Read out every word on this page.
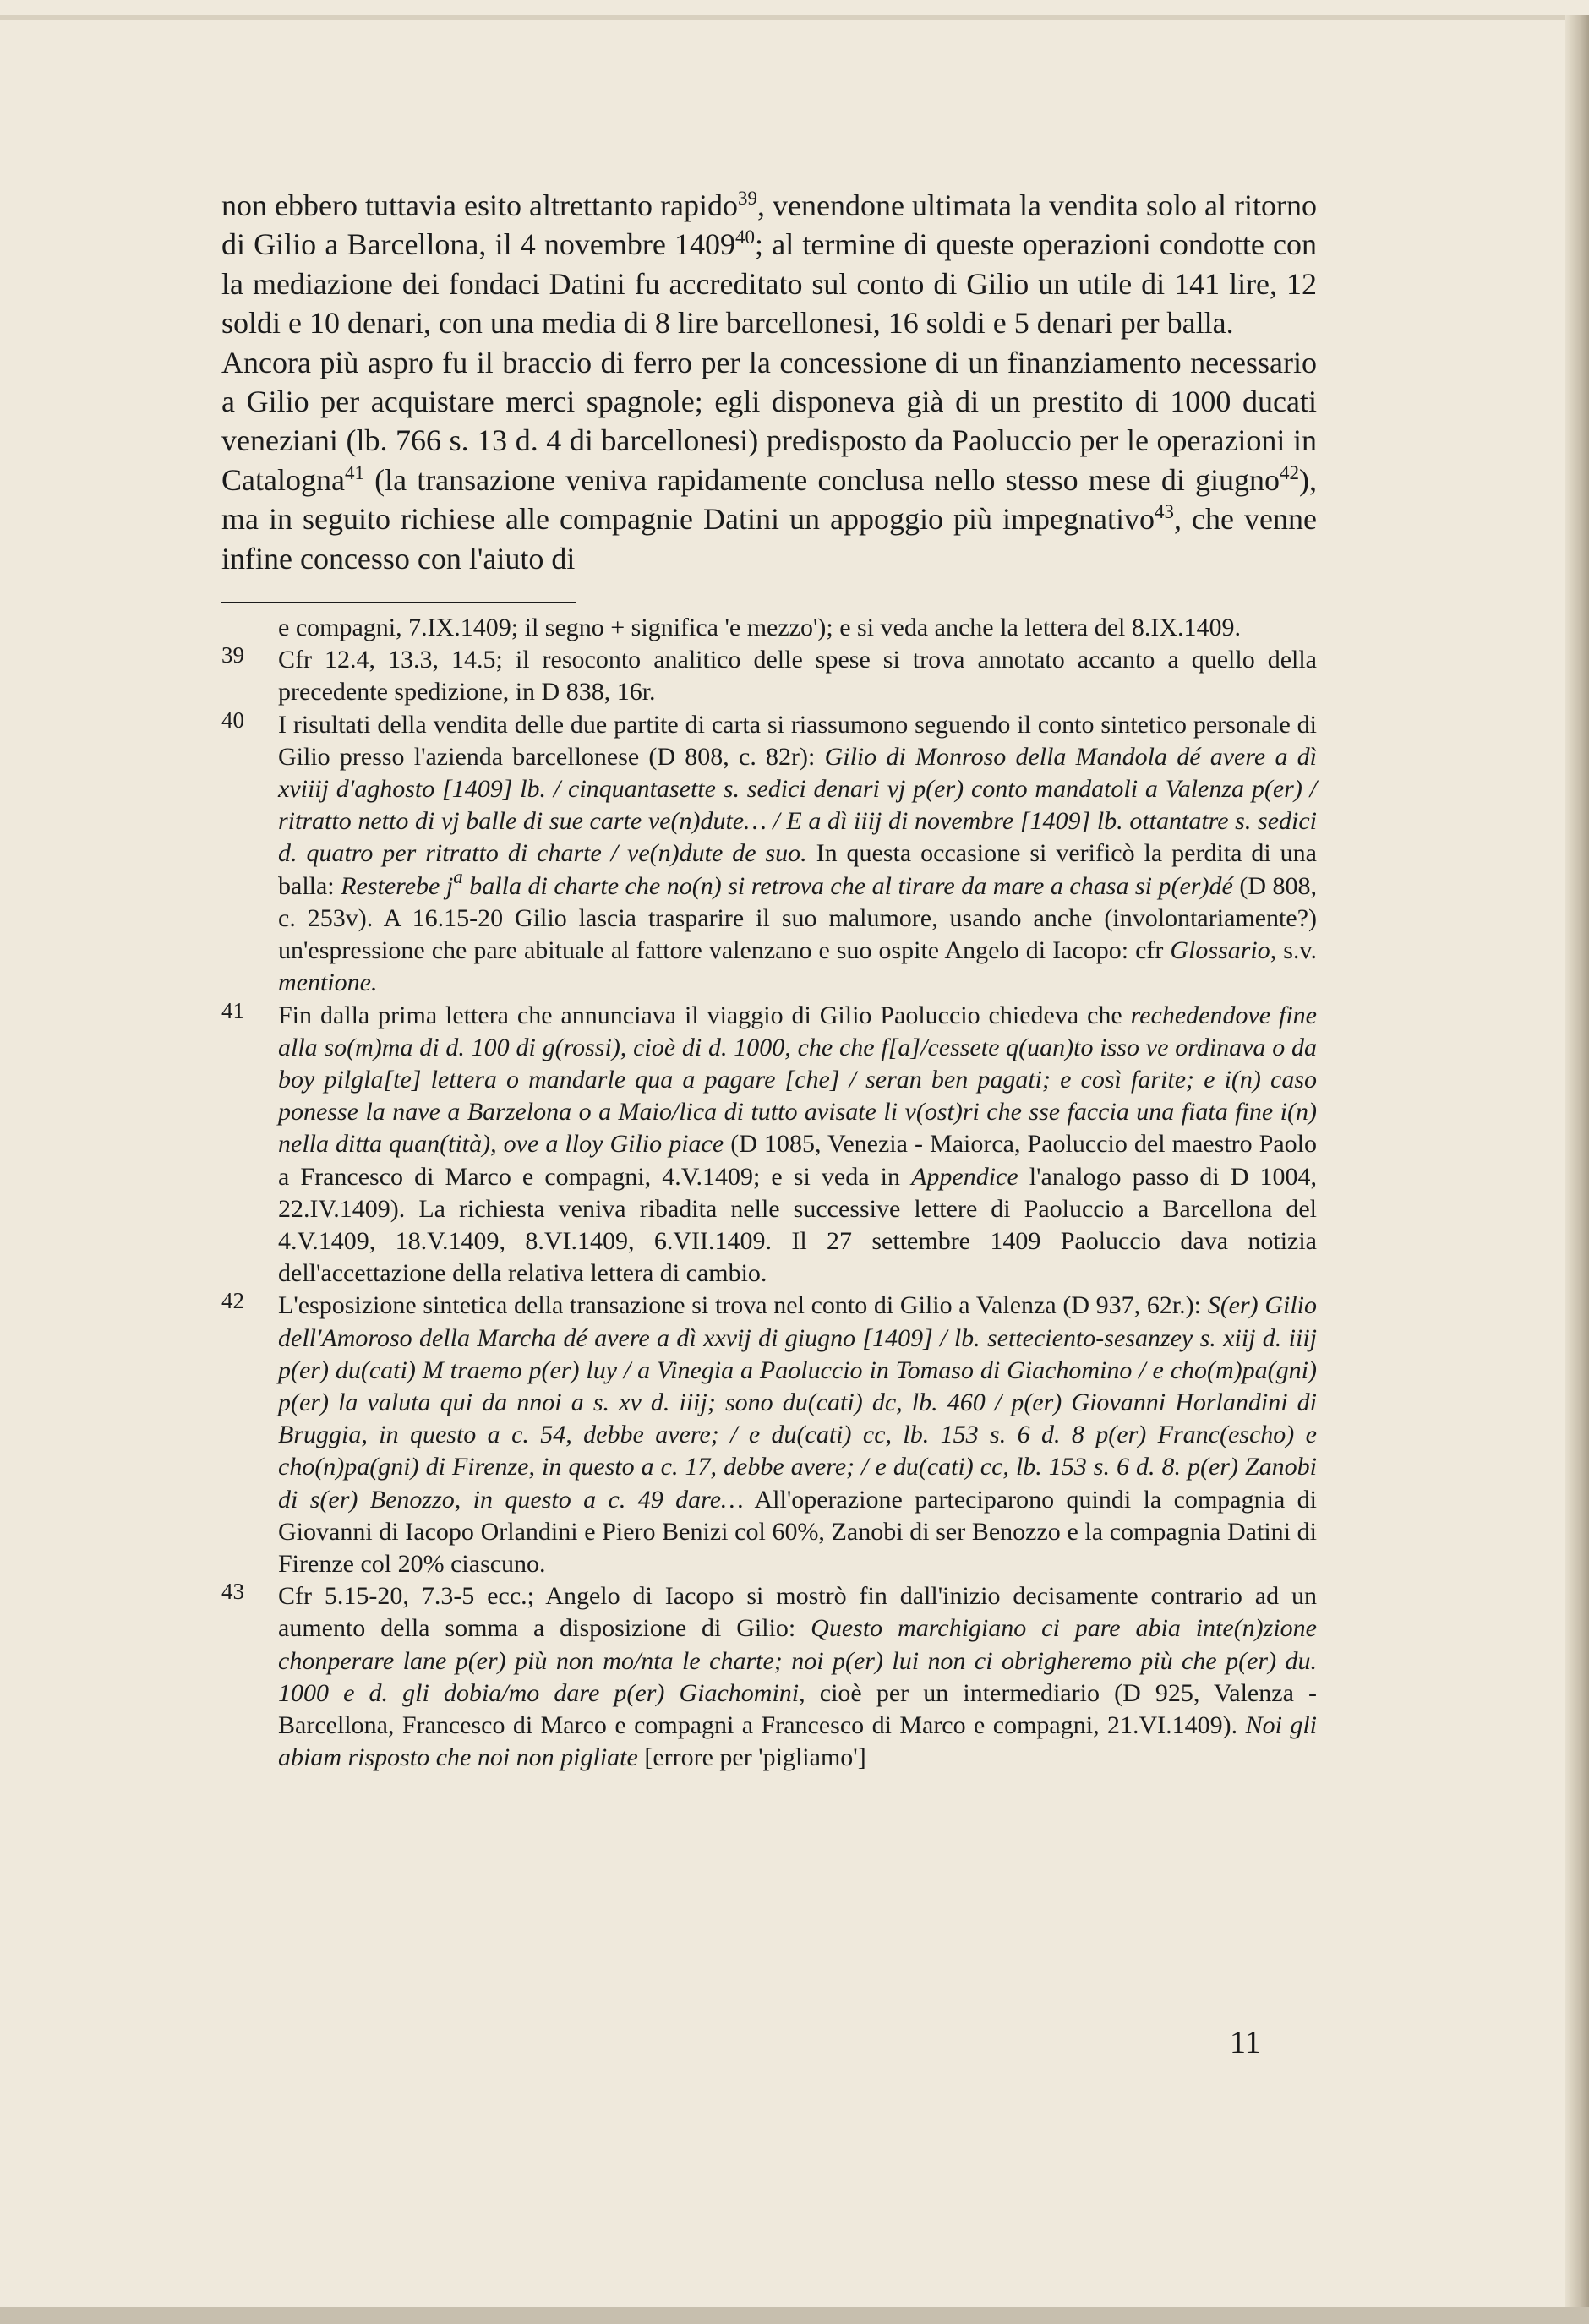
non ebbero tuttavia esito altrettanto rapido$^{39}$, venendone ultimata la vendita solo al ritorno di Gilio a Barcellona, il 4 novembre 1409$^{40}$; al termine di queste operazioni condotte con la mediazione dei fondaci Datini fu accreditato sul conto di Gilio un utile di 141 lire, 12 soldi e 10 denari, con una media di 8 lire barcellonesi, 16 soldi e 5 denari per balla.

Ancora più aspro fu il braccio di ferro per la concessione di un finanziamento necessario a Gilio per acquistare merci spagnole; egli disponeva già di un prestito di 1000 ducati veneziani (lb. 766 s. 13 d. 4 di barcellonesi) predisposto da Paoluccio per le operazioni in Catalogna$^{41}$ (la transazione veniva rapidamente conclusa nello stesso mese di giugno$^{42}$), ma in seguito richiese alle compagnie Datini un appoggio più impegnativo$^{43}$, che venne infine concesso con l'aiuto di

e compagni, 7.IX.1409; il segno + significa 'e mezzo'); e si veda anche la lettera del 8.IX.1409.

39 Cfr 12.4, 13.3, 14.5; il resoconto analitico delle spese si trova annotato accanto a quello della precedente spedizione, in D 838, 16r.

40 I risultati della vendita delle due partite di carta si riassumono seguendo il conto sintetico personale di Gilio presso l'azienda barcellonese (D 808, c. 82r): Gilio di Monroso della Mandola dé avere a dì xviiij d'aghosto [1409] lb. / cinquantasette s. sedici denari vj p(er) conto mandatoli a Valenza p(er) / ritratto netto di vj balle di sue carte ve(n)dute… / E a dì iiij di novembre [1409] lb. ottantatre s. sedici d. quatro per ritratto di charte / ve(n)dute de suo. In questa occasione si verificò la perdita di una balla: Resterebe j$^a$ balla di charte che no(n) si retrova che al tirare da mare a chasa si p(er)dé (D 808, c. 253v). A 16.15-20 Gilio lascia trasparire il suo malumore, usando anche (involontariamente?) un'espressione che pare abituale al fattore valenzano e suo ospite Angelo di Iacopo: cfr Glossario, s.v. mentione.

41 Fin dalla prima lettera che annunciava il viaggio di Gilio Paoluccio chiedeva che rechedendove fine alla so(m)ma di d. 100 di g(rossi), cioè di d. 1000, che che f[a]/cessete q(uan)to isso ve ordinava o da boy pilgla[te] lettera o mandarle qua a pagare [che] / seran ben pagati; e così farite; e i(n) caso ponesse la nave a Barzelona o a Maio/lica di tutto avisate li v(ost)ri che sse faccia una fiata fine i(n) nella ditta quan(tità), ove a lloy Gilio piace (D 1085, Venezia - Maiorca, Paoluccio del maestro Paolo a Francesco di Marco e compagni, 4.V.1409; e si veda in Appendice l'analogo passo di D 1004, 22.IV.1409). La richiesta veniva ribadita nelle successive lettere di Paoluccio a Barcellona del 4.V.1409, 18.V.1409, 8.VI.1409, 6.VII.1409. Il 27 settembre 1409 Paoluccio dava notizia dell'accettazione della relativa lettera di cambio.

42 L'esposizione sintetica della transazione si trova nel conto di Gilio a Valenza (D 937, 62r.): S(er) Gilio dell'Amoroso della Marcha dé avere a dì xxvij di giugno [1409] / lb. setteciento-sesanzey s. xiij d. iiij p(er) du(cati) M traemo p(er) luy / a Vinegia a Paoluccio in Tomaso di Giachomino / e cho(m)pa(gni) p(er) la valuta qui da nnoi a s. xv d. iiij; sono du(cati) dc, lb. 460 / p(er) Giovanni Horlandini di Bruggia, in questo a c. 54, debbe avere; / e du(cati) cc, lb. 153 s. 6 d. 8 p(er) Franc(escho) e cho(n)pa(gni) di Firenze, in questo a c. 17, debbe avere; / e du(cati) cc, lb. 153 s. 6 d. 8. p(er) Zanobi di s(er) Benozzo, in questo a c. 49 dare… All'operazione parteciparono quindi la compagnia di Giovanni di Iacopo Orlandini e Piero Benizi col 60%, Zanobi di ser Benozzo e la compagnia Datini di Firenze col 20% ciascuno.

43 Cfr 5.15-20, 7.3-5 ecc.; Angelo di Iacopo si mostrò fin dall'inizio decisamente contrario ad un aumento della somma a disposizione di Gilio: Questo marchigiano ci pare abia inte(n)zione chonperare lane p(er) più non mo/nta le charte; noi p(er) lui non ci obrigheremo più che p(er) du. 1000 e d. gli dobia/mo dare p(er) Giachomini, cioè per un intermediario (D 925, Valenza - Barcellona, Francesco di Marco e compagni a Francesco di Marco e compagni, 21.VI.1409). Noi gli abiam risposto che noi non pigliate [errore per 'pigliamo']

11
